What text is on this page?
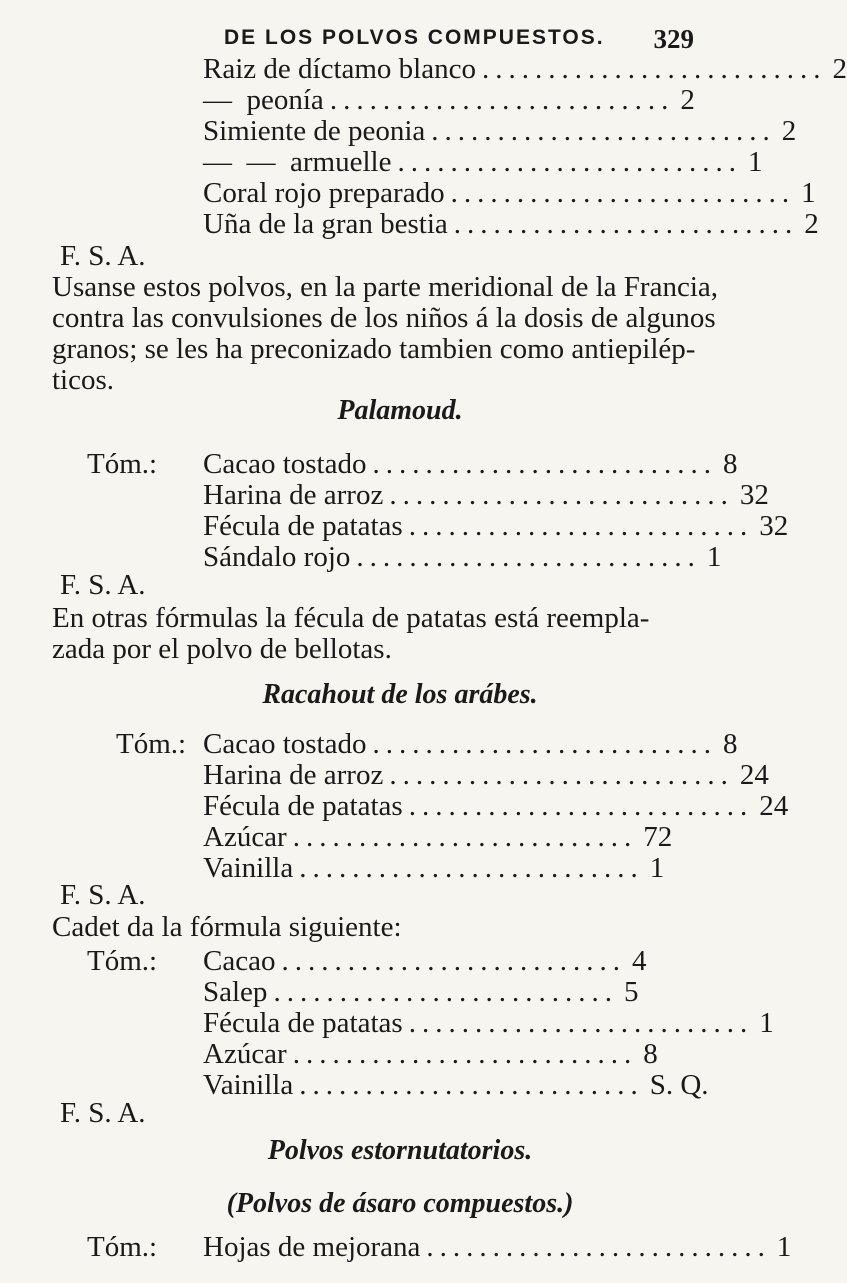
DE LOS POLVOS COMPUESTOS. 329
Raiz de díctamo blanco .......................... 2
—  peonía .......................... 2
Simiente de peonia .......................... 2
—  —  armuelle .......................... 1
Coral rojo preparado .......................... 1
Uña de la gran bestia .......................... 2
F. S. A.
Usanse estos polvos, en la parte meridional de la Francia,
contra las convulsiones de los niños á la dosis de algunos
granos; se les ha preconizado tambien como antiepilép-
ticos.
Palamoud.
Tóm.: Cacao tostado .......................... 8
Harina de arroz .......................... 32
Fécula de patatas .......................... 32
Sándalo rojo .......................... 1
F. S. A.
En otras fórmulas la fécula de patatas está reempla-
zada por el polvo de bellotas.
Racahout de los arábes.
Tóm.: Cacao tostado .......................... 8
Harina de arroz .......................... 24
Fécula de patatas .......................... 24
Azúcar .......................... 72
Vainilla .......................... 1
F. S. A.
Cadet da la fórmula siguiente:
Tóm.: Cacao .......................... 4
Salep .......................... 5
Fécula de patatas .......................... 1
Azúcar .......................... 8
Vainilla .......................... S. Q.
F. S. A.
Polvos estornutatorios.
(Polvos de ásaro compuestos.)
Tóm.: Hojas de mejorana .......................... 1
